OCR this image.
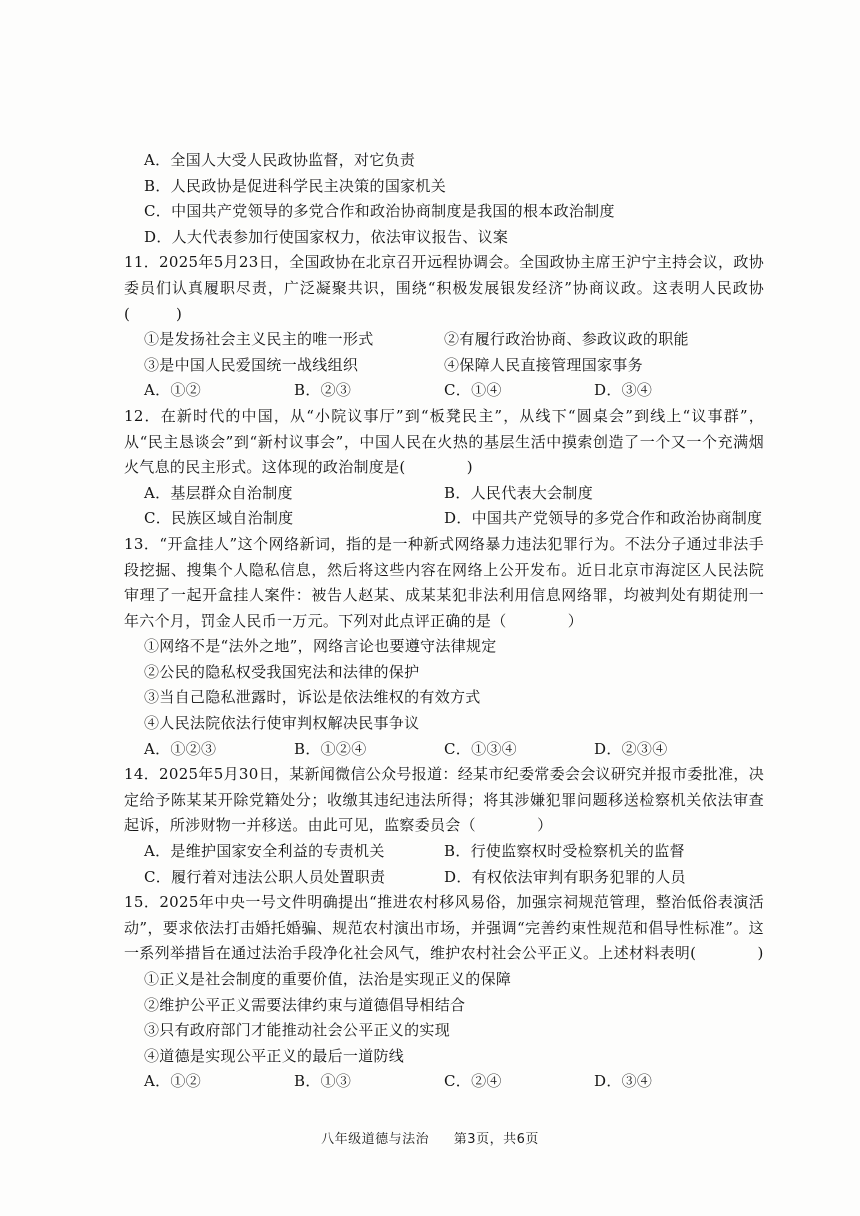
A．全国人大受人民政协监督，对它负责
B．人民政协是促进科学民主决策的国家机关
C．中国共产党领导的多党合作和政治协商制度是我国的根本政治制度
D．人大代表参加行使国家权力，依法审议报告、议案
11．2025年5月23日，全国政协在北京召开远程协调会。全国政协主席王沪宁主持会议，政协委员们认真履职尽责，广泛凝聚共识，围绕“积极发展银发经济”协商议政。这表明人民政协(　　　)
①是发扬社会主义民主的唯一形式	②有履行政治协商、参政议政的职能
③是中国人民爱国统一战线组织	④保障人民直接管理国家事务
A．①②	B．②③	C．①④	D．③④
12．在新时代的中国，从“小院议事厅”到“板凳民主”，从线下“圆桌会”到线上“议事群”，从“民主恳谈会”到“新村议事会”，中国人民在火热的基层生活中摸索创造了一个又一个充满烟火气息的民主形式。这体现的政治制度是(　　　　)
A．基层群众自治制度	B．人民代表大会制度
C．民族区域自治制度	D．中国共产党领导的多党合作和政治协商制度
13．“开盒挂人”这个网络新词，指的是一种新式网络暴力违法犯罪行为。不法分子通过非法手段挖掘、搜集个人隐私信息，然后将这些内容在网络上公开发布。近日北京市海淀区人民法院审理了一起开盒挂人案件：被告人赵某、成某某犯非法利用信息网络罪，均被判处有期徒刑一年六个月，罚金人民币一万元。下列对此点评正确的是（　　　　）
①网络不是“法外之地”，网络言论也要遵守法律规定
②公民的隐私权受我国宪法和法律的保护
③当自己隐私泄露时，诉讼是依法维权的有效方式
④人民法院依法行使审判权解决民事争议
A．①②③	B．①②④	C．①③④	D．②③④
14．2025年5月30日，某新闻微信公众号报道：经某市纪委常委会会议研究并报市委批准，决定给予陈某某开除党籍处分；收缴其违纪违法所得；将其涉嫌犯罪问题移送检察机关依法审查起诉，所涉财物一并移送。由此可见，监察委员会（　　　　）
A．是维护国家安全利益的专责机关	B．行使监察权时受检察机关的监督
C．履行着对违法公职人员处置职责	D．有权依法审判有职务犯罪的人员
15．2025年中央一号文件明确提出“推进农村移风易俗，加强宗祠规范管理，整治低俗表演活动”，要求依法打击婚托婚骗、规范农村演出市场，并强调“完善约束性规范和倡导性标准”。这一系列举措旨在通过法治手段净化社会风气，维护农村社会公平正义。上述材料表明(　　　　)
①正义是社会制度的重要价值，法治是实现正义的保障
②维护公平正义需要法律约束与道德倡导相结合
③只有政府部门才能推动社会公平正义的实现
④道德是实现公平正义的最后一道防线
A．①②	B．①③	C．②④	D．③④
八年级道德与法治 第3页，共6页
